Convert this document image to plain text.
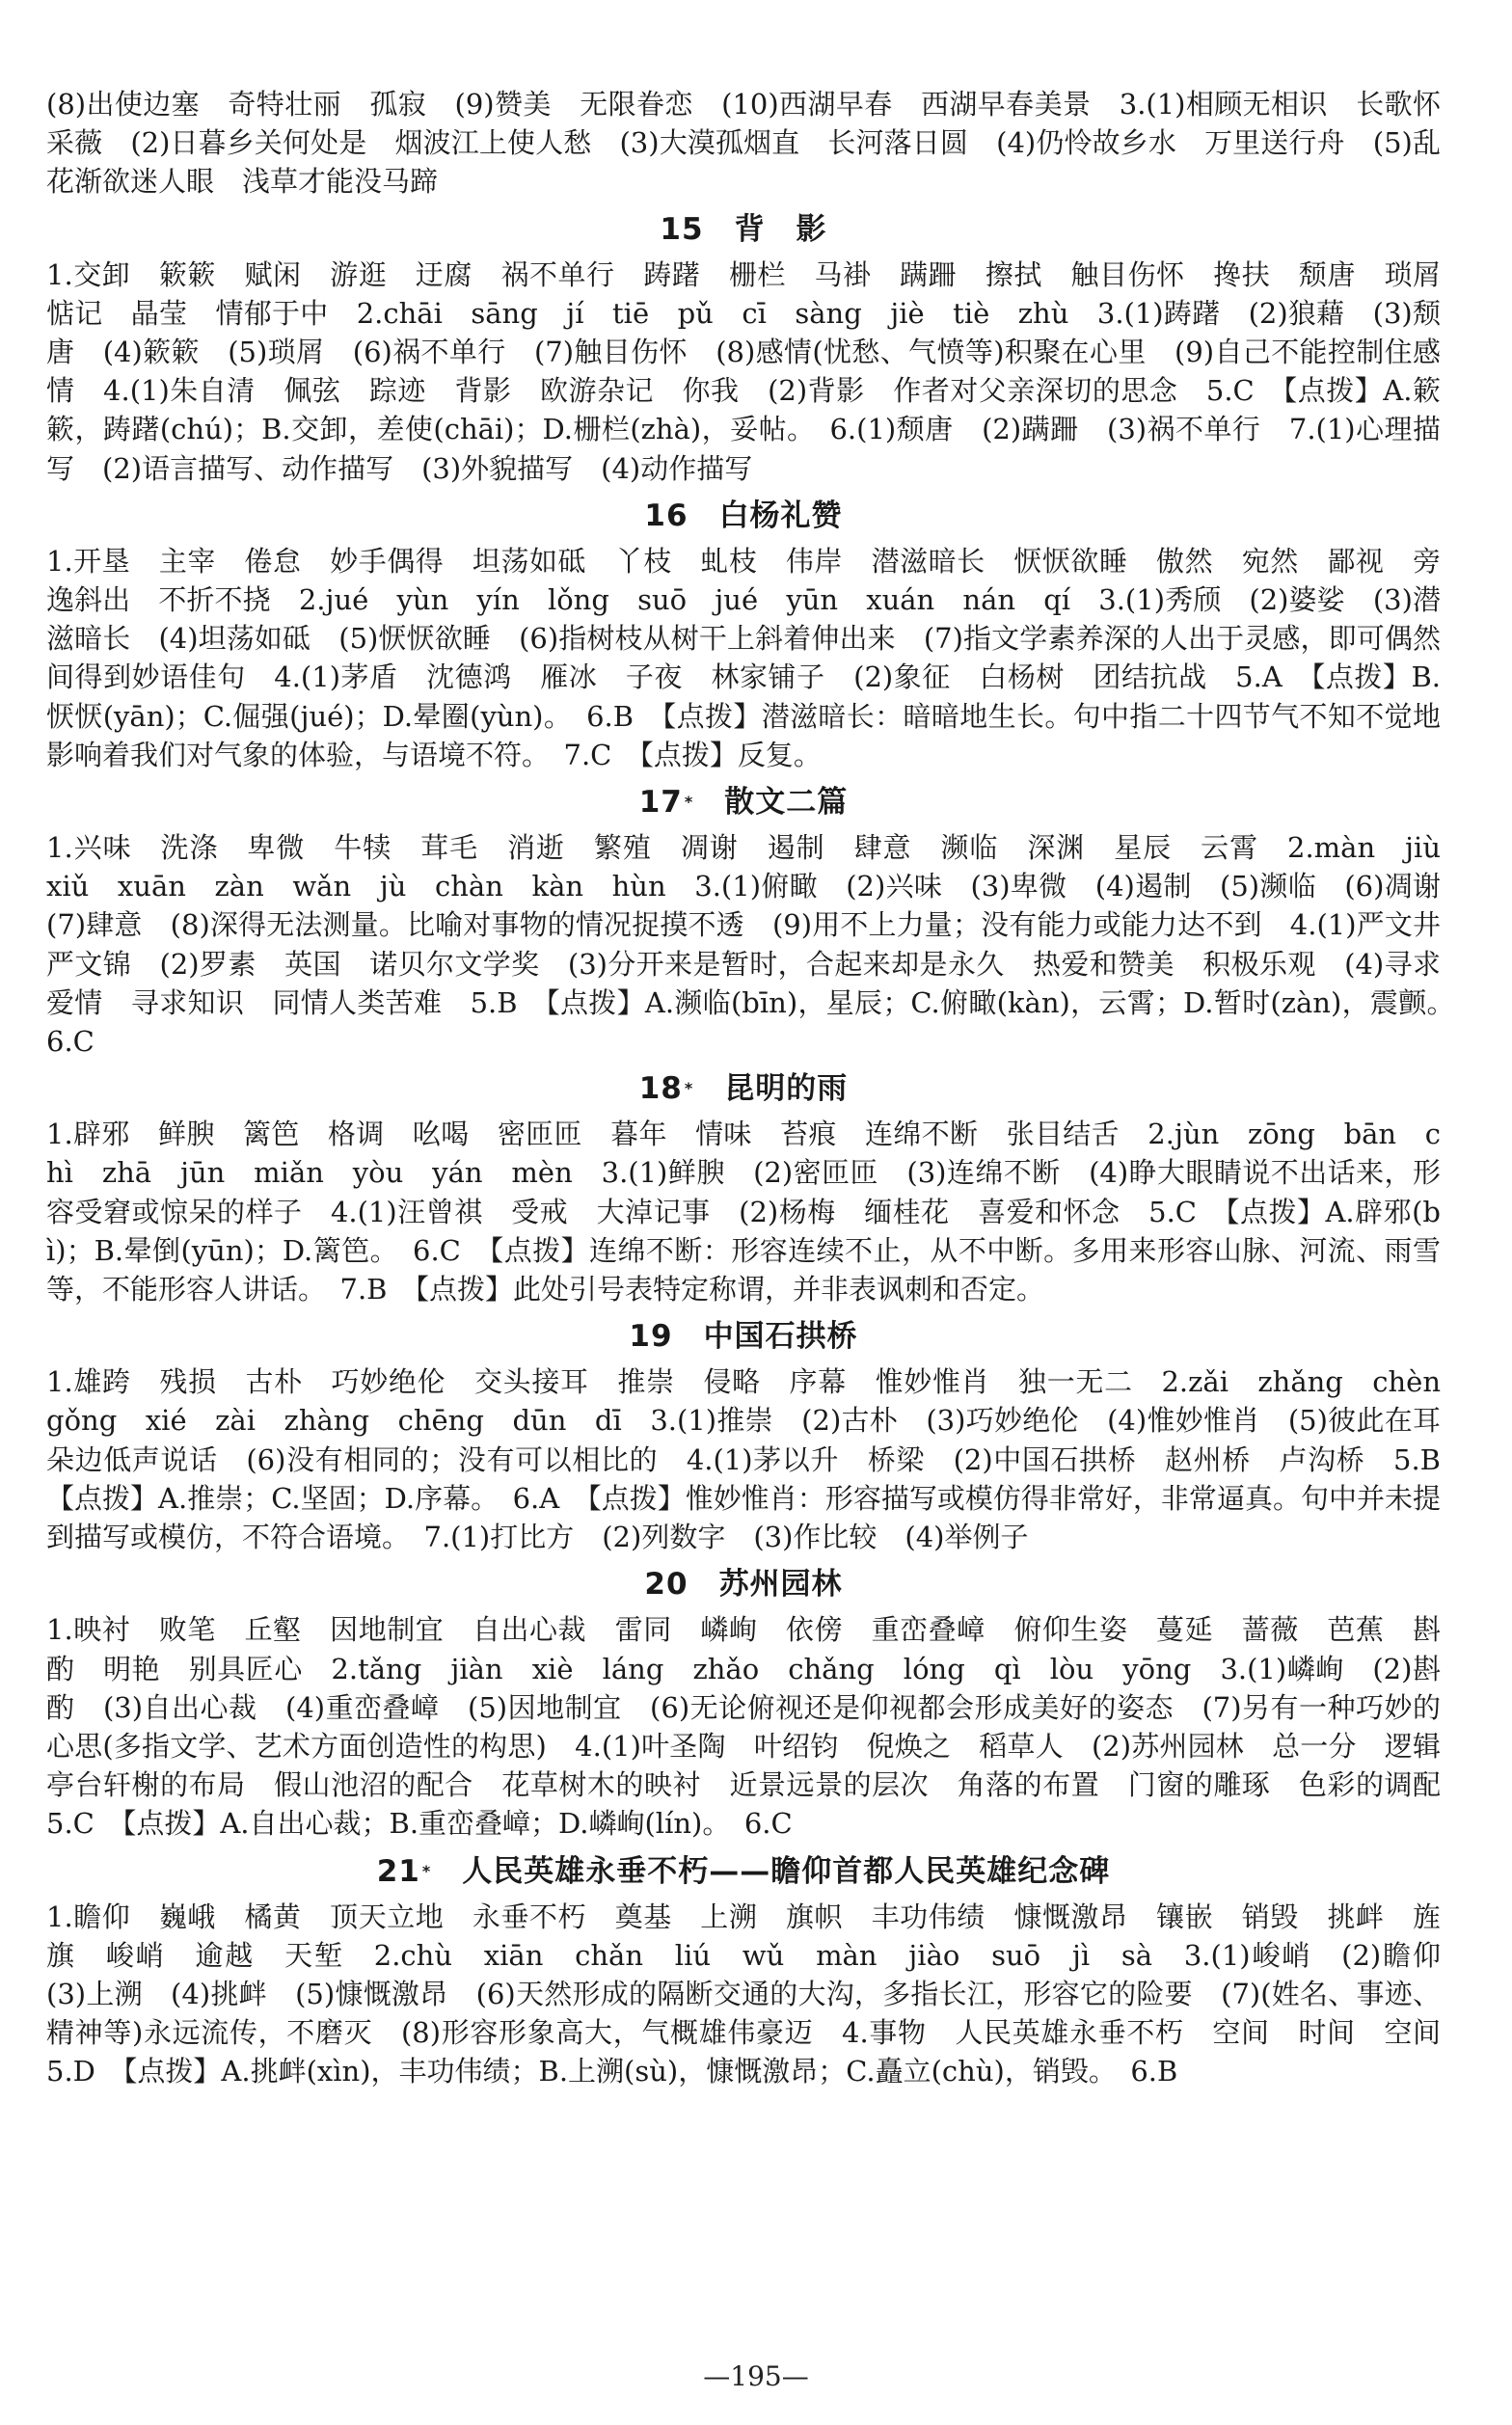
(8)出使边塞　奇特壮丽　孤寂　(9)赞美　无限眷恋　(10)西湖早春　西湖早春美景　3.(1)相顾无相识　长歌怀采薇　(2)日暮乡关何处是　烟波江上使人愁　(3)大漠孤烟直　长河落日圆　(4)仍怜故乡水　万里送行舟　(5)乱花渐欲迷人眼　浅草才能没马蹄

15　 背　影

1.交卸　簌簌　赋闲　游逛　迂腐　祸不单行　踌躇　栅栏　马褂　蹒跚　擦拭　触目伤怀　搀扶　颓唐　琐屑　惦记　晶莹　情郁于中　2.chāi　sāng　jí　tiē　pǔ　cī　sàng　jiè　tiè　zhù　3.(1)踌躇　(2)狼藉　(3)颓唐　(4)簌簌　(5)琐屑　(6)祸不单行　(7)触目伤怀　(8)感情(忧愁、气愤等)积聚在心里　(9)自己不能控制住感情　4.(1)朱自清　佩弦　踪迹　背影　欧游杂记　你我　(2)背影　作者对父亲深切的思念　5.C　【点拨】A.簌簌，踌躇(chú)；B.交卸，差使(chāi)；D.栅栏(zhà)，妥帖。　6.(1)颓唐　(2)蹒跚　(3)祸不单行　7.(1)心理描写　(2)语言描写、动作描写　(3)外貌描写　(4)动作描写

16　 白杨礼赞

1.开垦　主宰　倦怠　妙手偶得　坦荡如砥　丫枝　虬枝　伟岸　潜滋暗长　恹恹欲睡　傲然　宛然　鄙视　旁逸斜出　不折不挠　2.jué　yùn　yín　lǒng　suō　jué　yūn　xuán　nán　qí　3.(1)秀颀　(2)婆娑　(3)潜滋暗长　(4)坦荡如砥　(5)恹恹欲睡　(6)指树枝从树干上斜着伸出来　(7)指文学素养深的人出于灵感，即可偶然间得到妙语佳句　4.(1)茅盾　沈德鸿　雁冰　子夜　林家铺子　(2)象征　白杨树　团结抗战　5.A　【点拨】B.恹恹(yān)；C.倔强(jué)；D.晕圈(yùn)。　6.B　【点拨】潜滋暗长：暗暗地生长。句中指二十四节气不知不觉地影响着我们对气象的体验，与语境不符。　7.C　【点拨】反复。

17 *　 散文二篇

1.兴味　洗涤　卑微　牛犊　茸毛　消逝　繁殖　凋谢　遏制　肆意　濒临　深渊　星辰　云霄　2.màn　jiù　xiǔ　xuān　zàn　wǎn　jù　chàn　kàn　hùn　3.(1)俯瞰　(2)兴味　(3)卑微　(4)遏制　(5)濒临　(6)凋谢　(7)肆意　(8)深得无法测量。比喻对事物的情况捉摸不透　(9)用不上力量；没有能力或能力达不到　4.(1)严文井　严文锦　(2)罗素　英国　诺贝尔文学奖　(3)分开来是暂时，合起来却是永久　热爱和赞美　积极乐观　(4)寻求爱情　寻求知识　同情人类苦难　5.B　【点拨】A.濒临(bīn)，星辰；C.俯瞰(kàn)，云霄；D.暂时(zàn)，震颤。　6.C

18 *　 昆明的雨

1.辟邪　鲜腴　篱笆　格调　吆喝　密匝匝　暮年　情味　苔痕　连绵不断　张目结舌　2.jùn　zōng　bān　chì　zhā　jūn　miǎn　yòu　yán　mèn　3.(1)鲜腴　(2)密匝匝　(3)连绵不断　(4)睁大眼睛说不出话来，形容受窘或惊呆的样子　4.(1)汪曾祺　受戒　大淖记事　(2)杨梅　缅桂花　喜爱和怀念　5.C　【点拨】A.辟邪(bì)；B.晕倒(yūn)；D.篱笆。　6.C　【点拨】连绵不断：形容连续不止，从不中断。多用来形容山脉、河流、雨雪等，不能形容人讲话。　7.B　【点拨】此处引号表特定称谓，并非表讽刺和否定。

19　 中国石拱桥

1.雄跨　残损　古朴　巧妙绝伦　交头接耳　推崇　侵略　序幕　惟妙惟肖　独一无二　2.zǎi　zhǎng　chèn　gǒng　xié　zài　zhàng　chēng　dūn　dī　3.(1)推崇　(2)古朴　(3)巧妙绝伦　(4)惟妙惟肖　(5)彼此在耳朵边低声说话　(6)没有相同的；没有可以相比的　4.(1)茅以升　桥梁　(2)中国石拱桥　赵州桥　卢沟桥　5.B　【点拨】A.推崇；C.坚固；D.序幕。　6.A　【点拨】惟妙惟肖：形容描写或模仿得非常好，非常逼真。句中并未提到描写或模仿，不符合语境。　7.(1)打比方　(2)列数字　(3)作比较　(4)举例子

20　 苏州园林

1.映衬　败笔　丘壑　因地制宜　自出心裁　雷同　嶙峋　依傍　重峦叠嶂　俯仰生姿　蔓延　蔷薇　芭蕉　斟酌　明艳　别具匠心　2.tǎng　jiàn　xiè　láng　zhǎo　chǎng　lóng　qì　lòu　yōng　3.(1)嶙峋　(2)斟酌　(3)自出心裁　(4)重峦叠嶂　(5)因地制宜　(6)无论俯视还是仰视都会形成美好的姿态　(7)另有一种巧妙的心思(多指文学、艺术方面创造性的构思)　4.(1)叶圣陶　叶绍钧　倪焕之　稻草人　(2)苏州园林　总一分　逻辑　亭台轩榭的布局　假山池沼的配合　花草树木的映衬　近景远景的层次　角落的布置　门窗的雕琢　色彩的调配　5.C　【点拨】A.自出心裁；B.重峦叠嶂；D.嶙峋(lín)。　6.C

21 *　 人民英雄永垂不朽——瞻仰首都人民英雄纪念碑

1.瞻仰　巍峨　橘黄　顶天立地　永垂不朽　奠基　上溯　旗帜　丰功伟绩　慷慨激昂　镶嵌　销毁　挑衅　旌旗　峻峭　逾越　天堑　2.chù　xiān　chǎn　liú　wǔ　màn　jiào　suō　jì　sà　3.(1)峻峭　(2)瞻仰　(3)上溯　(4)挑衅　(5)慷慨激昂　(6)天然形成的隔断交通的大沟，多指长江，形容它的险要　(7)(姓名、事迹、精神等)永远流传，不磨灭　(8)形容形象高大，气概雄伟豪迈　4.事物　人民英雄永垂不朽　空间　时间　空间　5.D　【点拨】A.挑衅(xìn)，丰功伟绩；B.上溯(sù)，慷慨激昂；C.矗立(chù)，销毁。　6.B

—195—
